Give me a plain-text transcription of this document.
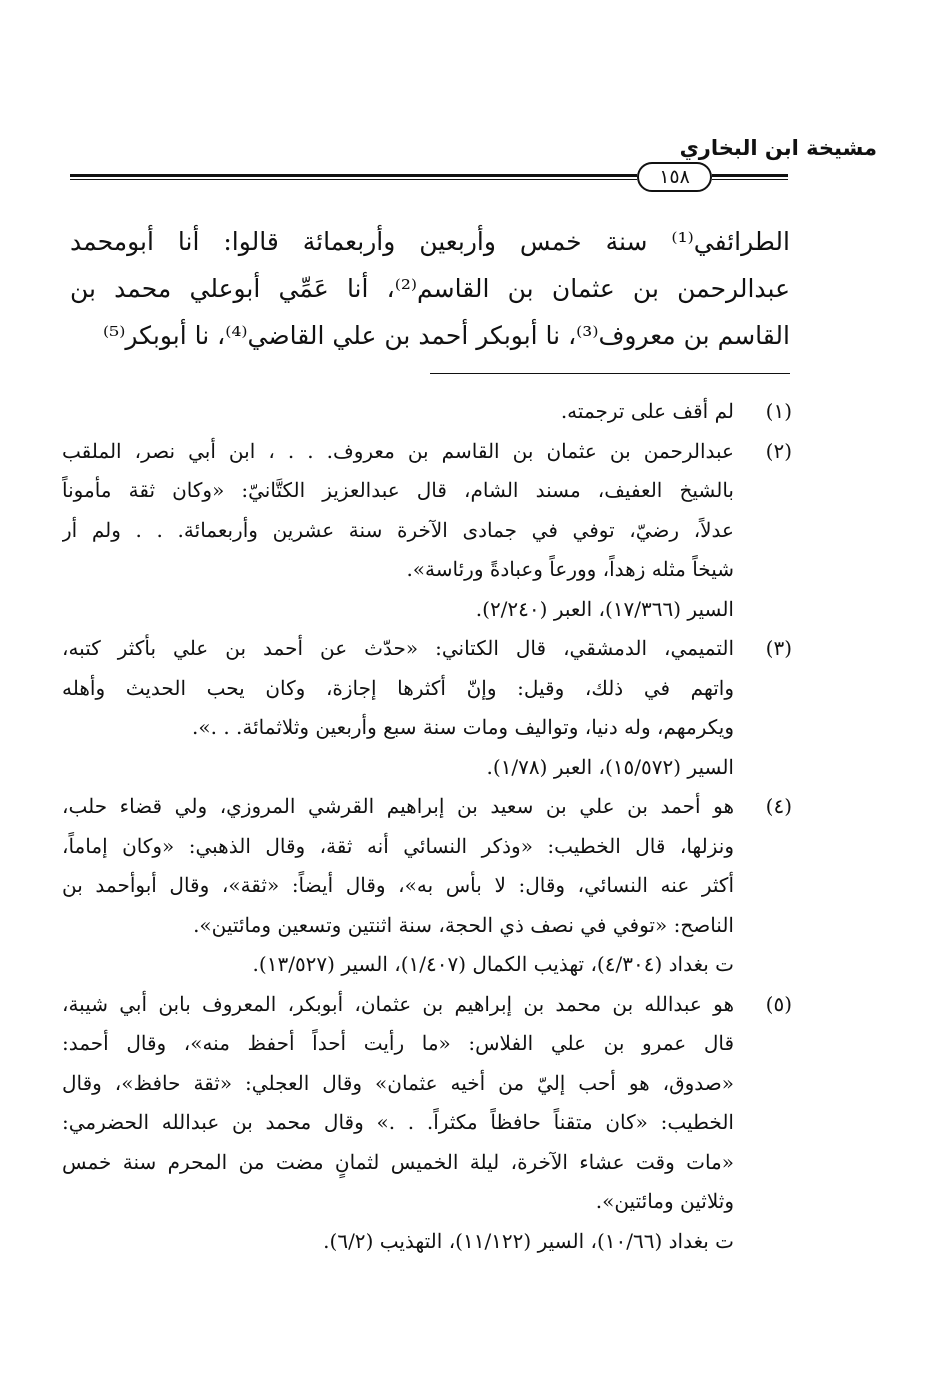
مشيخة ابن البخاري
١٥٨
الطرائفي⁽¹⁾ سنة خمس وأربعين وأربعمائة قالوا: أنا أبومحمد
عبدالرحمن بن عثمان بن القاسم⁽²⁾، أنا عَمِّي أبوعلي محمد بن
القاسم بن معروف⁽³⁾، نا أبوبكر أحمد بن علي القاضي⁽⁴⁾، نا أبوبكر⁽⁵⁾
(١)
لم أقف على ترجمته.
(٢)
عبدالرحمن بن عثمان بن القاسم بن معروف. . . ، ابن أبي نصر، الملقب
بالشيخ العفيف، مسند الشام، قال عبدالعزيز الكتَّانيّ: «وكان ثقة مأموناً
عدلاً، رضيّ، توفي في جمادى الآخرة سنة عشرين وأربعمائة. . . ولم أر
شيخاً مثله زهداً، وورعاً وعبادةً ورئاسة».
السير (١٧/٣٦٦)، العبر (٢/٢٤٠).
(٣)
التميمي، الدمشقي، قال الكتاني: «حدّث عن أحمد بن علي بأكثر كتبه،
واتهم في ذلك، وقيل: وإنّ أكثرها إجازة، وكان يحب الحديث وأهله
ويكرمهم، وله دنيا، وتواليف ومات سنة سبع وأربعين وثلاثمائة. . .».
السير (١٥/٥٧٢)، العبر (١/٧٨).
(٤)
هو أحمد بن علي بن سعيد بن إبراهيم القرشي المروزي، ولي قضاء حلب،
ونزلها، قال الخطيب: «وذكر النسائي أنه ثقة، وقال الذهبي: «وكان إماماً،
أكثر عنه النسائي، وقال: لا بأس به»، وقال أيضاً: «ثقة»، وقال أبوأحمد بن
الناصح: «توفي في نصف ذي الحجة، سنة اثنتين وتسعين ومائتين».
ت بغداد (٤/٣٠٤)، تهذيب الكمال (١/٤٠٧)، السير (١٣/٥٢٧).
(٥)
هو عبدالله بن محمد بن إبراهيم بن عثمان، أبوبكر، المعروف بابن أبي شيبة،
قال عمرو بن علي الفلاس: «ما رأيت أحداً أحفظ منه»، وقال أحمد:
«صدوق، هو أحب إليّ من أخيه عثمان» وقال العجلي: «ثقة حافظ»، وقال
الخطيب: «كان متقناً حافظاً مكثراً. . .» وقال محمد بن عبدالله الحضرمي:
«مات وقت عشاء الآخرة، ليلة الخميس لثمانٍ مضت من المحرم سنة خمس
وثلاثين ومائتين».
ت بغداد (١٠/٦٦)، السير (١١/١٢٢)، التهذيب (٦/٢).
